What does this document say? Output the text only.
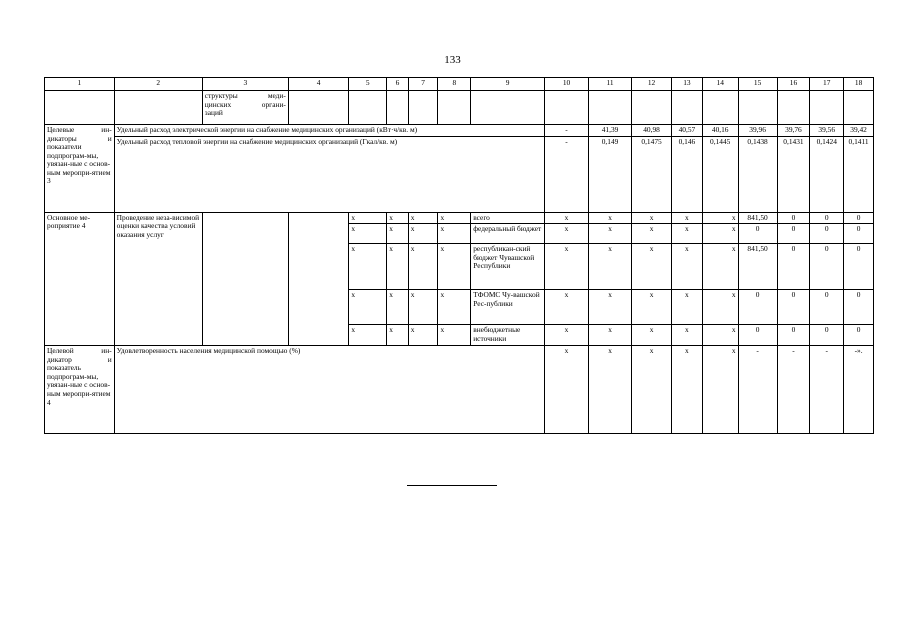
133
1	2	3	4	5	6	7	8	9	10	11	12	13	14	15	16	17	18
		структуры меди-
цинских органи-
заций															

Целевые ин-
дикаторы и
показатели подпрограм-мы, увязан-ные с основ-ным меропри-ятием 3	Удельный расход электрической энергии на снабжение медицинских организаций (кВт·ч/кв. м)								-	41,39	40,98	40,57	40,16	39,96	39,76	39,56	39,42
	Удельный расход тепловой энергии на снабжение медицинских организаций (Гкал/кв. м)								-	0,149	0,1475	0,146	0,1445	0,1438	0,1431	0,1424	0,1411
Основное ме-роприятие 4	Проведение неза-висимой оценки качества условий оказания услуг			x	x	x	x	всего	x	x	x	x	x	841,50	0	0	0
				x	x	x	x	федеральный бюджет	x	x	x	x	x	0	0	0	0
				x	x	x	x	республикан-ский бюджет Чувашской Республики	x	x	x	x	x	841,50	0	0	0
				x	x	x	x	ТФОМС Чу-вашской Рес-публики	x	x	x	x	x	0	0	0	0
				x	x	x	x	внебюджетные источники	x	x	x	x	x	0	0	0	0

Целевой ин-
дикатор и
показатель подпрограм-мы, увязан-ные с основ-ным меропри-ятием 4	Удовлетворенность населения медицинской помощью (%)								x	x	x	x	x	-	-	-	-».
